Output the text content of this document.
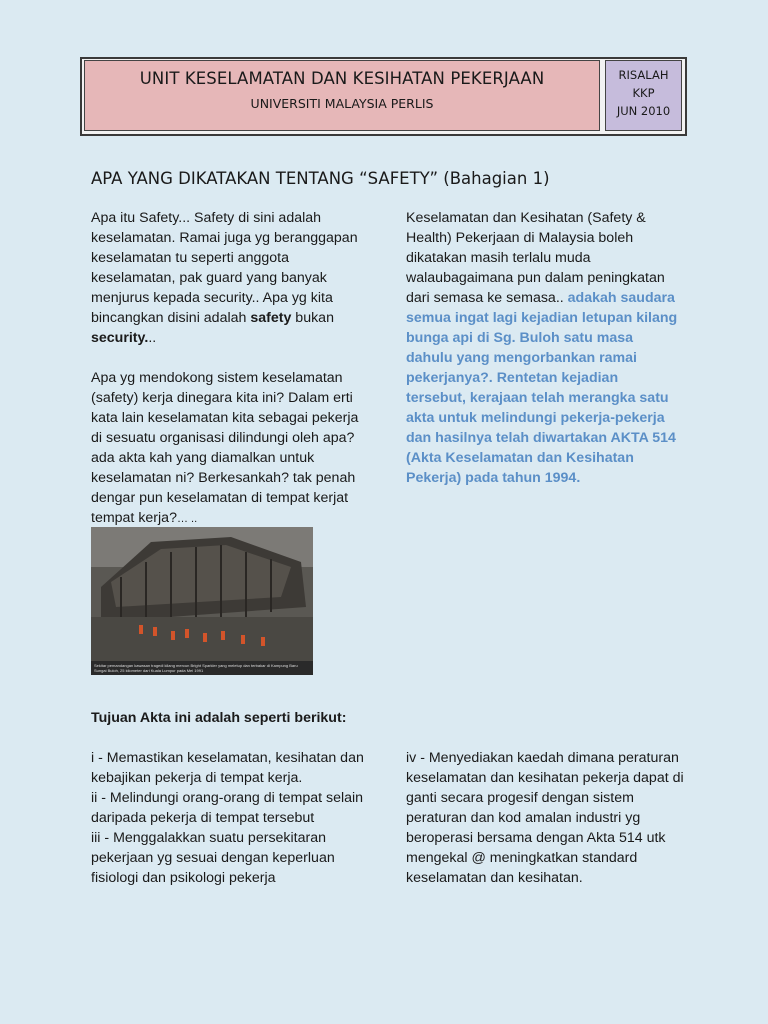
UNIT KESELAMATAN DAN KESIHATAN PEKERJAAN
UNIVERSITI MALAYSIA PERLIS
RISALAH
KKP
JUN 2010
APA YANG DIKATAKAN TENTANG “SAFETY” (Bahagian 1)

Apa itu Safety... Safety di sini adalah keselamatan. Ramai juga yg beranggapan keselamatan tu seperti anggota keselamatan, pak guard yang banyak menjurus kepada security.. Apa yg kita bincangkan disini adalah safety bukan security...

Apa yg mendokong sistem keselamatan (safety) kerja dinegara kita ini? Dalam erti kata lain keselamatan kita sebagai pekerja di sesuatu organisasi dilindungi oleh apa? ada akta kah yang diamalkan untuk keselamatan ni? Berkesankah? tak penah dengar pun keselamatan di tempat kerjat tempat kerja?… ..

Keselamatan dan Kesihatan (Safety & Health) Pekerjaan di Malaysia boleh dikatakan masih terlalu muda walaubagaimana pun dalam peningkatan dari semasa ke semasa.. adakah saudara semua ingat lagi kejadian letupan kilang bunga api di Sg. Buloh satu masa dahulu yang mengorbankan ramai pekerjanya?. Rentetan kejadian tersebut, kerajaan telah merangka satu akta untuk melindungi pekerja-pekerja dan hasilnya telah diwartakan AKTA 514 (Akta Keselamatan dan Kesihatan Pekerja) pada tahun 1994.

Sekitar pemandangan kawasan tragedi kilang mercun Bright Sparkler yang meletup dan terbakar di Kampung Baru Sungai Buloh, 25 kilometer dari Kuala Lumpur pada Mei 1991
Tujuan Akta ini adalah seperti berikut:

i - Memastikan keselamatan, kesihatan dan kebajikan pekerja di tempat kerja.

ii - Melindungi orang-orang di tempat selain daripada pekerja di tempat tersebut

iii - Menggalakkan suatu persekitaran pekerjaan yg sesuai dengan keperluan fisiologi dan psikologi pekerja

iv - Menyediakan kaedah dimana peraturan keselamatan dan kesihatan pekerja dapat di ganti secara progesif dengan sistem peraturan dan kod amalan industri yg beroperasi bersama dengan Akta 514 utk mengekal @ meningkatkan standard keselamatan dan kesihatan.
